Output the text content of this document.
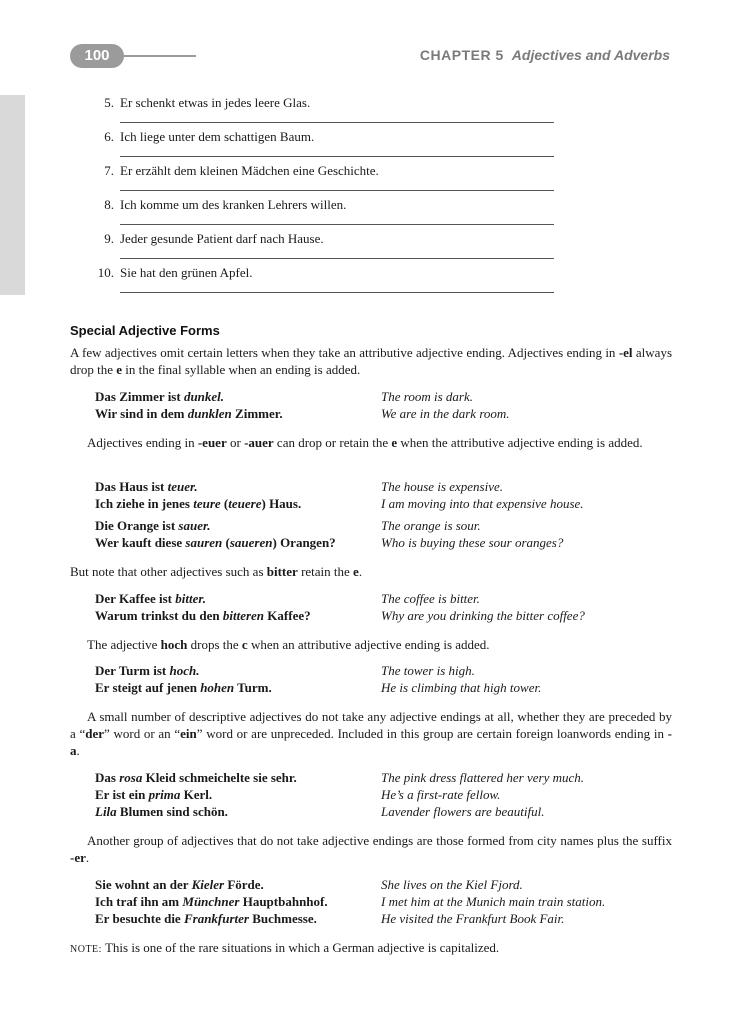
100	CHAPTER 5 Adjectives and Adverbs
5. Er schenkt etwas in jedes leere Glas.
6. Ich liege unter dem schattigen Baum.
7. Er erzählt dem kleinen Mädchen eine Geschichte.
8. Ich komme um des kranken Lehrers willen.
9. Jeder gesunde Patient darf nach Hause.
10. Sie hat den grünen Apfel.
Special Adjective Forms
A few adjectives omit certain letters when they take an attributive adjective ending. Adjectives ending in -el always drop the e in the final syllable when an ending is added.
Das Zimmer ist dunkel.	The room is dark.
Wir sind in dem dunklen Zimmer.	We are in the dark room.
Adjectives ending in -euer or -auer can drop or retain the e when the attributive adjective ending is added.
Das Haus ist teuer.	The house is expensive.
Ich ziehe in jenes teure (teuere) Haus.	I am moving into that expensive house.
Die Orange ist sauer.	The orange is sour.
Wer kauft diese sauren (saueren) Orangen?	Who is buying these sour oranges?
But note that other adjectives such as bitter retain the e.
Der Kaffee ist bitter.	The coffee is bitter.
Warum trinkst du den bitteren Kaffee?	Why are you drinking the bitter coffee?
The adjective hoch drops the c when an attributive adjective ending is added.
Der Turm ist hoch.	The tower is high.
Er steigt auf jenen hohen Turm.	He is climbing that high tower.
A small number of descriptive adjectives do not take any adjective endings at all, whether they are preceded by a “der” word or an “ein” word or are unpreceded. Included in this group are certain foreign loanwords ending in -a.
Das rosa Kleid schmeichelte sie sehr.	The pink dress flattered her very much.
Er ist ein prima Kerl.	He’s a first-rate fellow.
Lila Blumen sind schön.	Lavender flowers are beautiful.
Another group of adjectives that do not take adjective endings are those formed from city names plus the suffix -er.
Sie wohnt an der Kieler Förde.	She lives on the Kiel Fjord.
Ich traf ihn am Münchner Hauptbahnhof.	I met him at the Munich main train station.
Er besuchte die Frankfurter Buchmesse.	He visited the Frankfurt Book Fair.
NOTE: This is one of the rare situations in which a German adjective is capitalized.
